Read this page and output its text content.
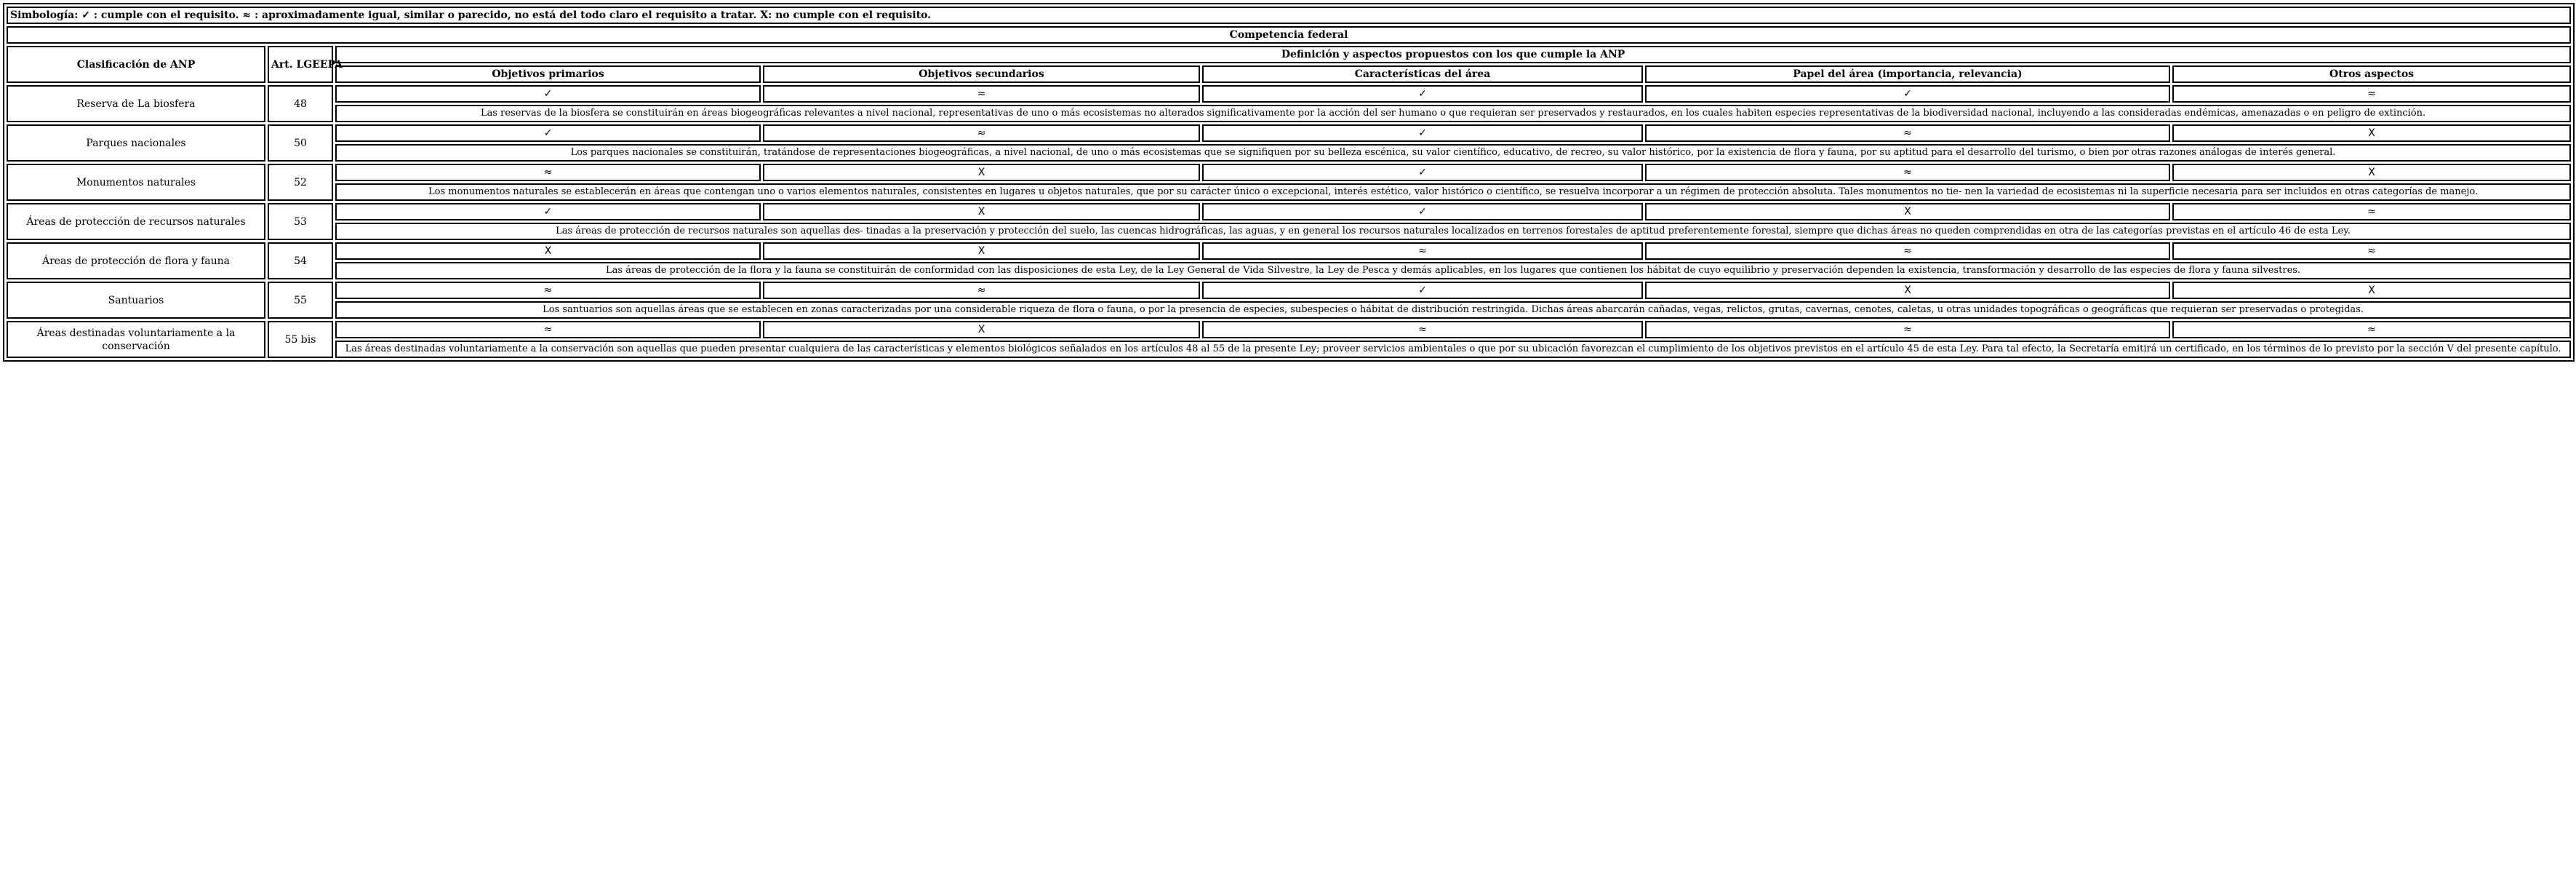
Simbología: ✓ : cumple con el requisito. ≈ : aproximadamente igual, similar o parecido, no está del todo claro el requisito a tratar. X: no cumple con el requisito.						
Competencia federal						
Clasificación de ANP	Art. LGEEPA	Definición y aspectos propuestos con los que cumple la ANP				
		Objetivos primarios	Objetivos secundarios	Características del área	Papel del área (importancia, relevancia)	Otros aspectos
Reserva de La biosfera	48	✓	≈	✓	✓	≈
		Las reservas de la biosfera se constituirán en áreas biogeográficas relevantes a nivel nacional, representativas de uno o más ecosistemas no alterados significativamente por la acción del ser humano o que requieran ser preservados y restaurados, en los cuales habiten especies representativas de la biodiversidad nacional, incluyendo a las consideradas endémicas, amenazadas o en peligro de extinción.				
Parques nacionales	50	✓	≈	✓	≈	X
		Los parques nacionales se constituirán, tratándose de representaciones biogeográficas, a nivel nacional, de uno o más ecosistemas que se signifiquen por su belleza escénica, su valor científico, educativo, de recreo, su valor histórico, por la existencia de flora y fauna, por su aptitud para el desarrollo del turismo, o bien por otras razones análogas de interés general.				
Monumentos naturales	52	≈	X	✓	≈	X
		Los monumentos naturales se establecerán en áreas que contengan uno o varios elementos naturales, consistentes en lugares u objetos naturales, que por su carácter único o excepcional, interés estético, valor histórico o científico, se resuelva incorporar a un régimen de protección absoluta. Tales monumentos no tie- nen la variedad de ecosistemas ni la superficie necesaria para ser incluidos en otras categorías de manejo.				
Áreas de protección de recursos naturales	53	✓	X	✓	X	≈
		Las áreas de protección de recursos naturales son aquellas des- tinadas a la preservación y protección del suelo, las cuencas hidrográficas, las aguas, y en general los recursos naturales localizados en terrenos forestales de aptitud preferentemente forestal, siempre que dichas áreas no queden comprendidas en otra de las categorías previstas en el artículo 46 de esta Ley.				
Áreas de protección de flora y fauna	54	X	X	≈	≈	≈
		Las áreas de protección de la flora y la fauna se constituirán de conformidad con las disposiciones de esta Ley, de la Ley General de Vida Silvestre, la Ley de Pesca y demás aplicables, en los lugares que contienen los hábitat de cuyo equilibrio y preservación dependen la existencia, transformación y desarrollo de las especies de flora y fauna silvestres.				
Santuarios	55	≈	≈	✓	X	X
		Los santuarios son aquellas áreas que se establecen en zonas caracterizadas por una considerable riqueza de flora o fauna, o por la presencia de especies, subespecies o hábitat de distribución restringida. Dichas áreas abarcarán cañadas, vegas, relictos, grutas, cavernas, cenotes, caletas, u otras unidades topográficas o geográficas que requieran ser preservadas o protegidas.				
Áreas destinadas voluntariamente a la conservación	55 bis	≈	X	≈	≈	≈
		Las áreas destinadas voluntariamente a la conservación son aquellas que pueden presentar cualquiera de las características y elementos biológicos señalados en los artículos 48 al 55 de la presente Ley; proveer servicios ambientales o que por su ubicación favorezcan el cumplimiento de los objetivos previstos en el artículo 45 de esta Ley. Para tal efecto, la Secretaría emitirá un certificado, en los términos de lo previsto por la sección V del presente capítulo.				
